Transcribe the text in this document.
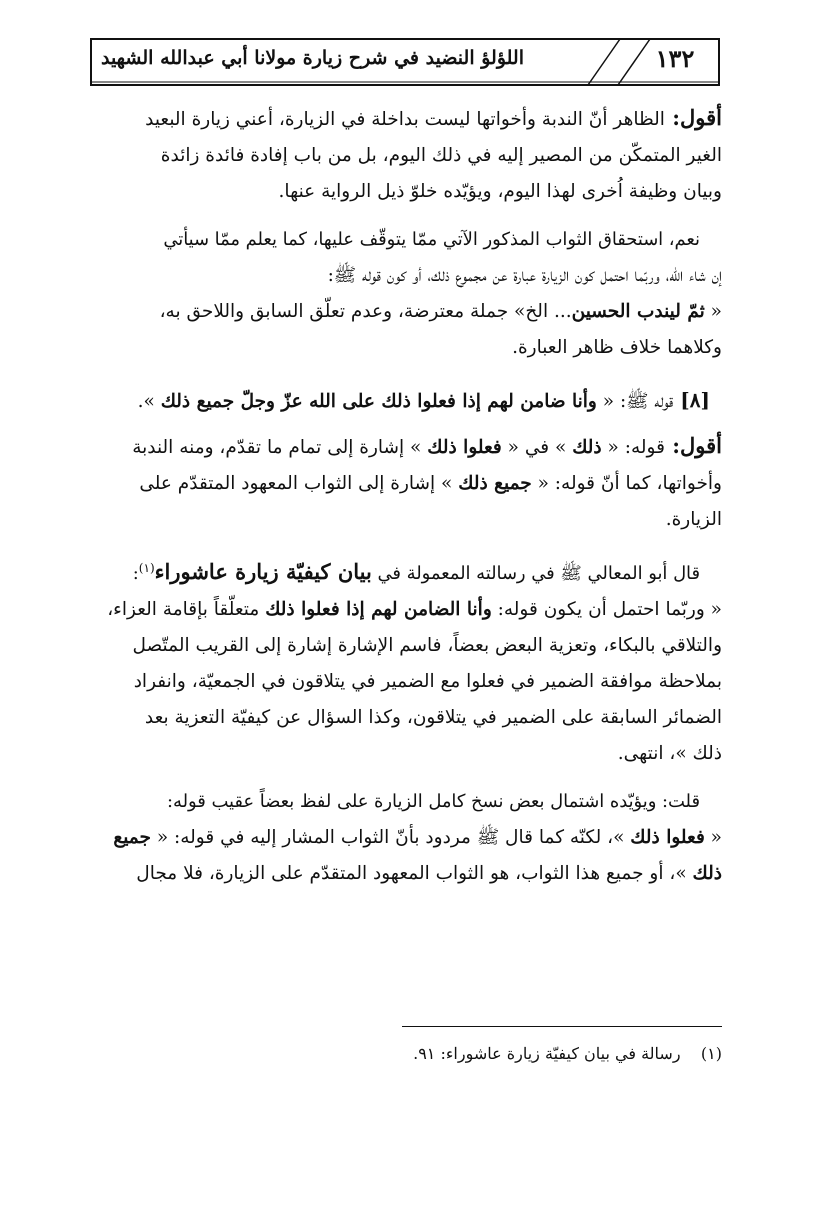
١٣٢
اللؤلؤ النضيد في شرح زيارة مولانا أبي عبدالله الشهيد
أقول: الظاهر أنّ الندبة وأخواتها ليست بداخلة في الزيارة، أعني زيارة البعيد
الغير المتمكّن من المصير إليه في ذلك اليوم، بل من باب إفادة فائدة زائدة
وبيان وظيفة اُخرى لهذا اليوم، ويؤيّده خلوّ ذيل الرواية عنها.
نعم، استحقاق الثواب المذكور الآتي ممّا يتوقّف عليها، كما يعلم ممّا سيأتي
إن شاء الله، وربّما احتمل كون الزيارة عبارة عن مجموع ذلك، أو كون قوله ﷺ:
« ثمّ ليندب الحسين... الخ» جملة معترضة، وعدم تعلّق السابق واللاحق به،
وكلاهما خلاف ظاهر العبارة.
[٨] قوله ﷺ: « وأنا ضامن لهم إذا فعلوا ذلك على الله عزّ وجلّ جميع ذلك ».
أقول: قوله: « ذلك » في « فعلوا ذلك » إشارة إلى تمام ما تقدّم، ومنه الندبة
وأخواتها، كما أنّ قوله: « جميع ذلك » إشارة إلى الثواب المعهود المتقدّم على
الزيارة.
قال أبو المعالي ﷺ في رسالته المعمولة في بيان كيفيّة زيارة عاشوراء$^{(١)}$:
« وربّما احتمل أن يكون قوله: وأنا الضامن لهم إذا فعلوا ذلك متعلّقاً بإقامة العزاء،
والتلاقي بالبكاء، وتعزية البعض بعضاً، فاسم الإشارة إشارة إلى القريب المتّصل
بملاحظة موافقة الضمير في فعلوا مع الضمير في يتلاقون في الجمعيّة، وانفراد
الضمائر السابقة على الضمير في يتلاقون، وكذا السؤال عن كيفيّة التعزية بعد
ذلك »، انتهى.
قلت: ويؤيّده اشتمال بعض نسخ كامل الزيارة على لفظ بعضاً عقيب قوله:
« فعلوا ذلك »، لكنّه كما قال ﷺ مردود بأنّ الثواب المشار إليه في قوله: « جميع
ذلك »، أو جميع هذا الثواب، هو الثواب المعهود المتقدّم على الزيارة، فلا مجال
(١)    رسالة في بيان كيفيّة زيارة عاشوراء: ٩١.
